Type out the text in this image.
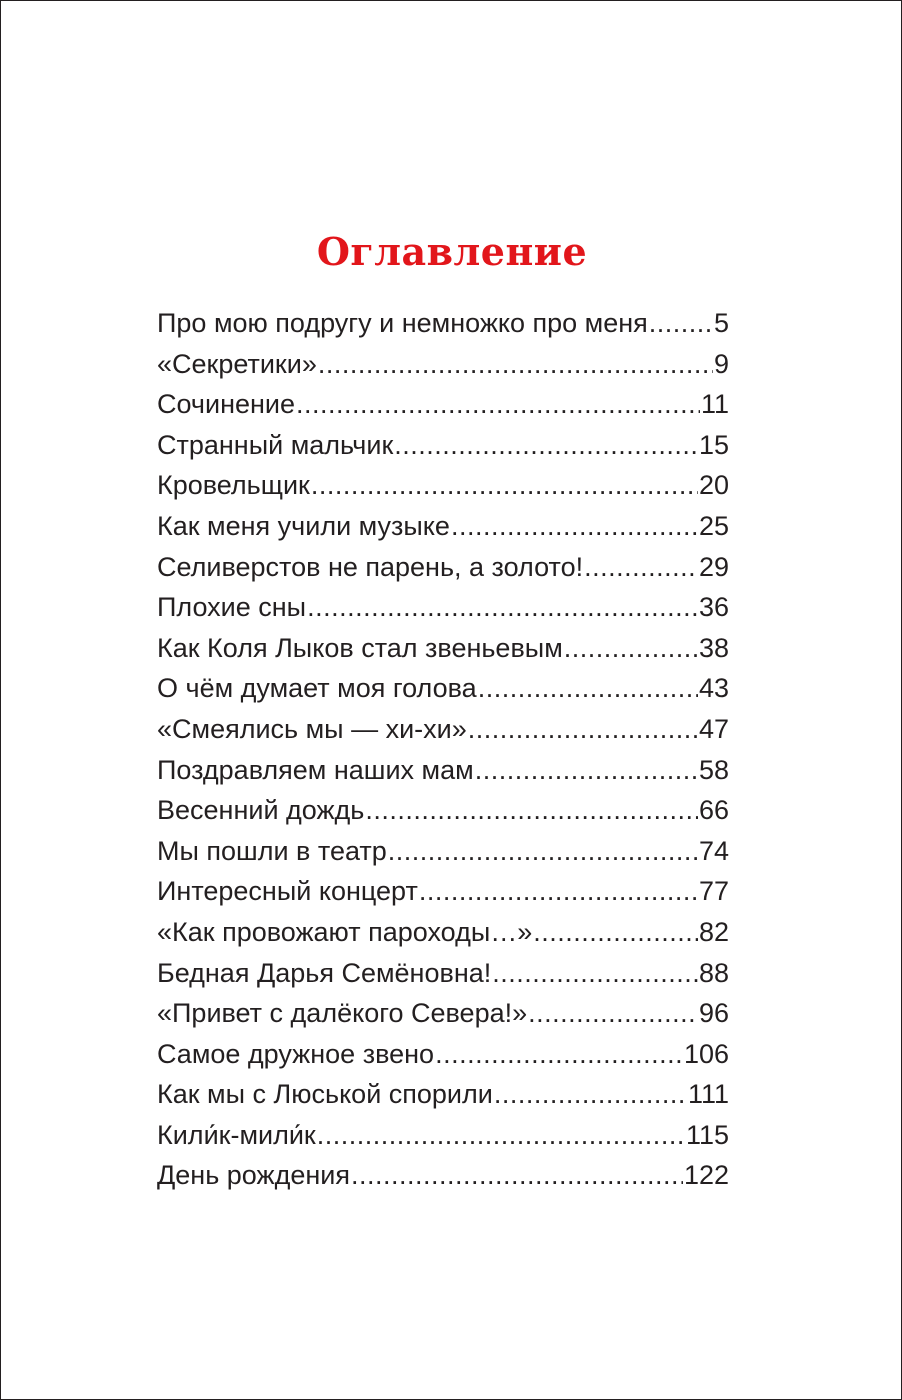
Оглавление
Про мою подругу и немножко про меня ..... 5
«Секретики» .....	9
Сочинение .....	11
Странный мальчик .....	15
Кровельщик .....	20
Как меня учили музыке .....	25
Селиверстов не парень, а золото! .....	29
Плохие сны .....	36
Как Коля Лыков стал звеньевым .....	38
О чём думает моя голова .....	43
«Смеялись мы — хи-хи» .....	47
Поздравляем наших мам .....	58
Весенний дождь .....	66
Мы пошли в театр .....	74
Интересный концерт .....	77
«Как провожают пароходы…» .....	82
Бедная Дарья Семёновна! .....	88
«Привет с далёкого Севера!» .....	96
Самое дружное звено .....	106
Как мы с Люськой спорили .....	111
Кили́к-мили́к .....	115
День рождения .....	122
